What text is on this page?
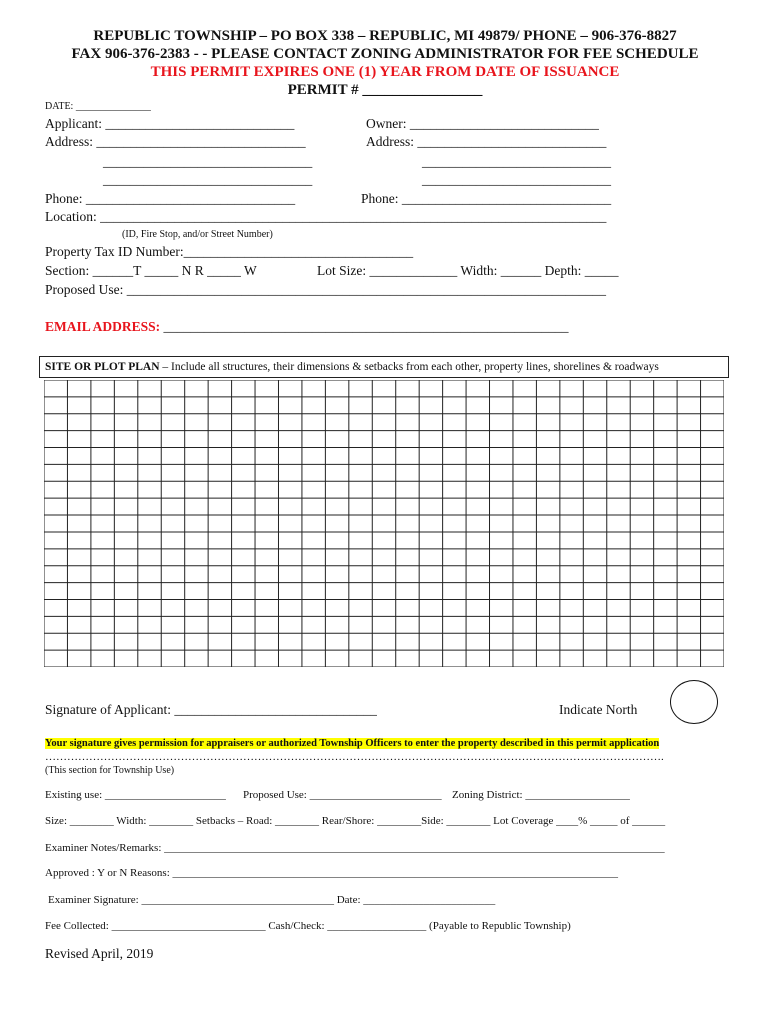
REPUBLIC TOWNSHIP – PO BOX 338 – REPUBLIC, MI 49879/ PHONE – 906-376-8827
FAX 906-376-2383 - - PLEASE CONTACT ZONING ADMINISTRATOR FOR FEE SCHEDULE
THIS PERMIT EXPIRES ONE (1) YEAR FROM DATE OF ISSUANCE
PERMIT # ________________
DATE: _______________
Applicant: ____________________________	Owner: ____________________________
Address: _______________________________	Address: ____________________________
_______________________________	____________________________
_______________________________	____________________________
Phone: _______________________________	Phone: _______________________________
Location: ___________________________________________________________________________
(ID, Fire Stop, and/or Street Number)
Property Tax ID Number:__________________________________
Section: ______T _____ N R _____ W	Lot Size: _____________ Width: ______ Depth: _____
Proposed Use: _______________________________________________________________________
EMAIL ADDRESS: ____________________________________________________________
SITE OR PLOT PLAN – Include all structures, their dimensions & setbacks from each other, property lines, shorelines & roadways
Signature of Applicant: ______________________________	Indicate North
Your signature gives permission for appraisers or authorized Township Officers to enter the property described in this permit application
…………………………………………………………………………………………………………………………………………………….
(This section for Township Use)
Existing use: ______________________ Proposed Use: ________________________ Zoning District: ___________________
Size: ________ Width: ________ Setbacks – Road: ________ Rear/Shore: ________Side: ________ Lot Coverage ____% _____ of ______
Examiner Notes/Remarks: ___________________________________________________________________________________________
Approved : Y or N Reasons: _________________________________________________________________________________
Examiner Signature: ___________________________________ Date: ________________________
Fee Collected: ____________________________ Cash/Check: __________________ (Payable to Republic Township)
Revised April, 2019
